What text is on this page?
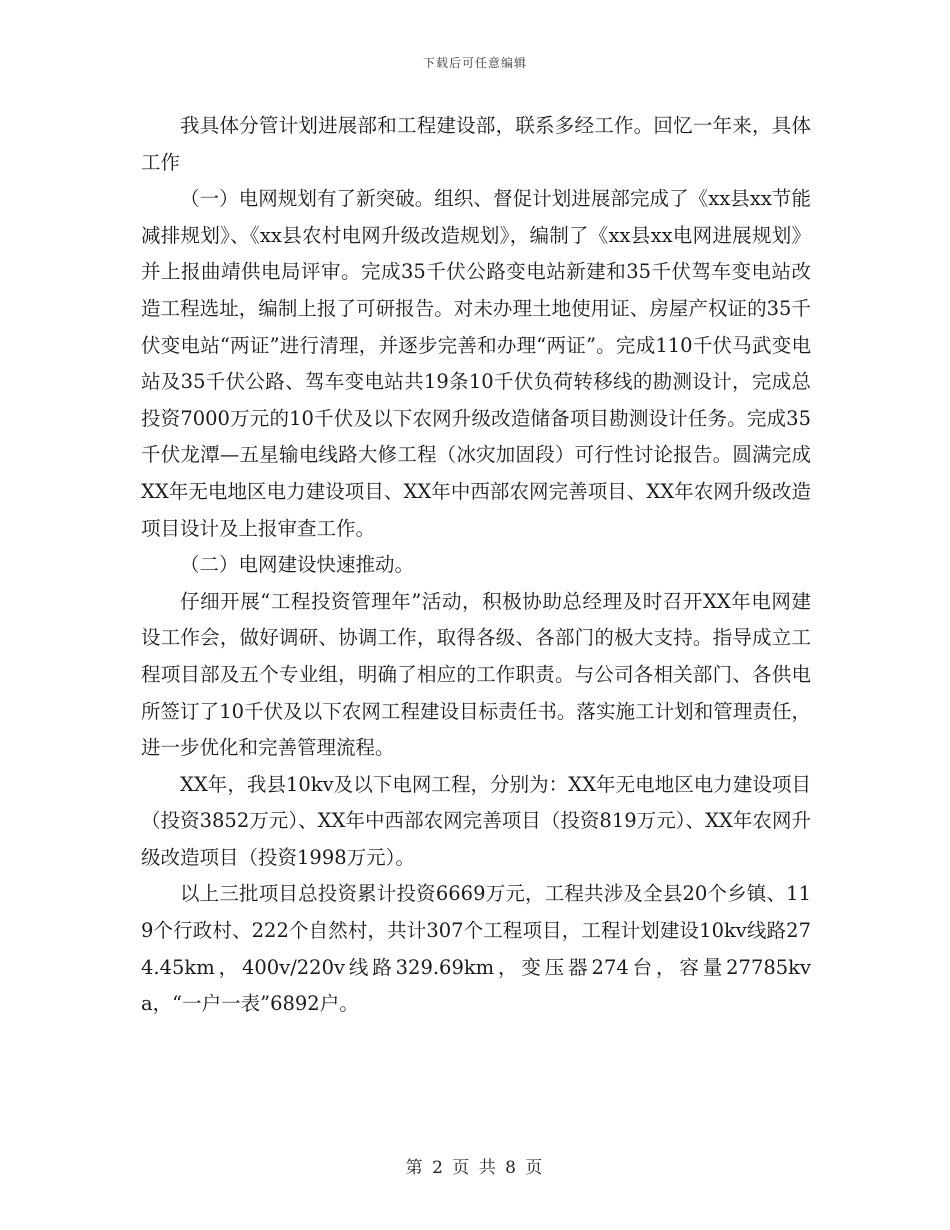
下载后可任意编辑

我具体分管计划进展部和工程建设部，联系多经工作。回忆一年来，具体工作

（一）电网规划有了新突破。组织、督促计划进展部完成了《xx县xx节能减排规划》、《xx县农村电网升级改造规划》，编制了《xx县xx电网进展规划》并上报曲靖供电局评审。完成35千伏公路变电站新建和35千伏驾车变电站改造工程选址，编制上报了可研报告。对未办理土地使用证、房屋产权证的35千伏变电站“两证”进行清理，并逐步完善和办理“两证”。完成110千伏马武变电站及35千伏公路、驾车变电站共19条10千伏负荷转移线的勘测设计，完成总投资7000万元的10千伏及以下农网升级改造储备项目勘测设计任务。完成35千伏龙潭—五星输电线路大修工程（冰灾加固段）可行性讨论报告。圆满完成XX年无电地区电力建设项目、XX年中西部农网完善项目、XX年农网升级改造项目设计及上报审查工作。

（二）电网建设快速推动。

仔细开展“工程投资管理年”活动，积极协助总经理及时召开XX年电网建设工作会，做好调研、协调工作，取得各级、各部门的极大支持。指导成立工程项目部及五个专业组，明确了相应的工作职责。与公司各相关部门、各供电所签订了10千伏及以下农网工程建设目标责任书。落实施工计划和管理责任，进一步优化和完善管理流程。

XX年，我县10kv及以下电网工程，分别为：XX年无电地区电力建设项目（投资3852万元）、XX年中西部农网完善项目（投资819万元）、XX年农网升级改造项目（投资1998万元）。

以上三批项目总投资累计投资6669万元，工程共涉及全县20个乡镇、119个行政村、222个自然村，共计307个工程项目，工程计划建设10kv线路274.45km，400v/220v线路329.69km，变压器274台，容量27785kva，“一户一表”6892户。

第 2 页 共 8 页
